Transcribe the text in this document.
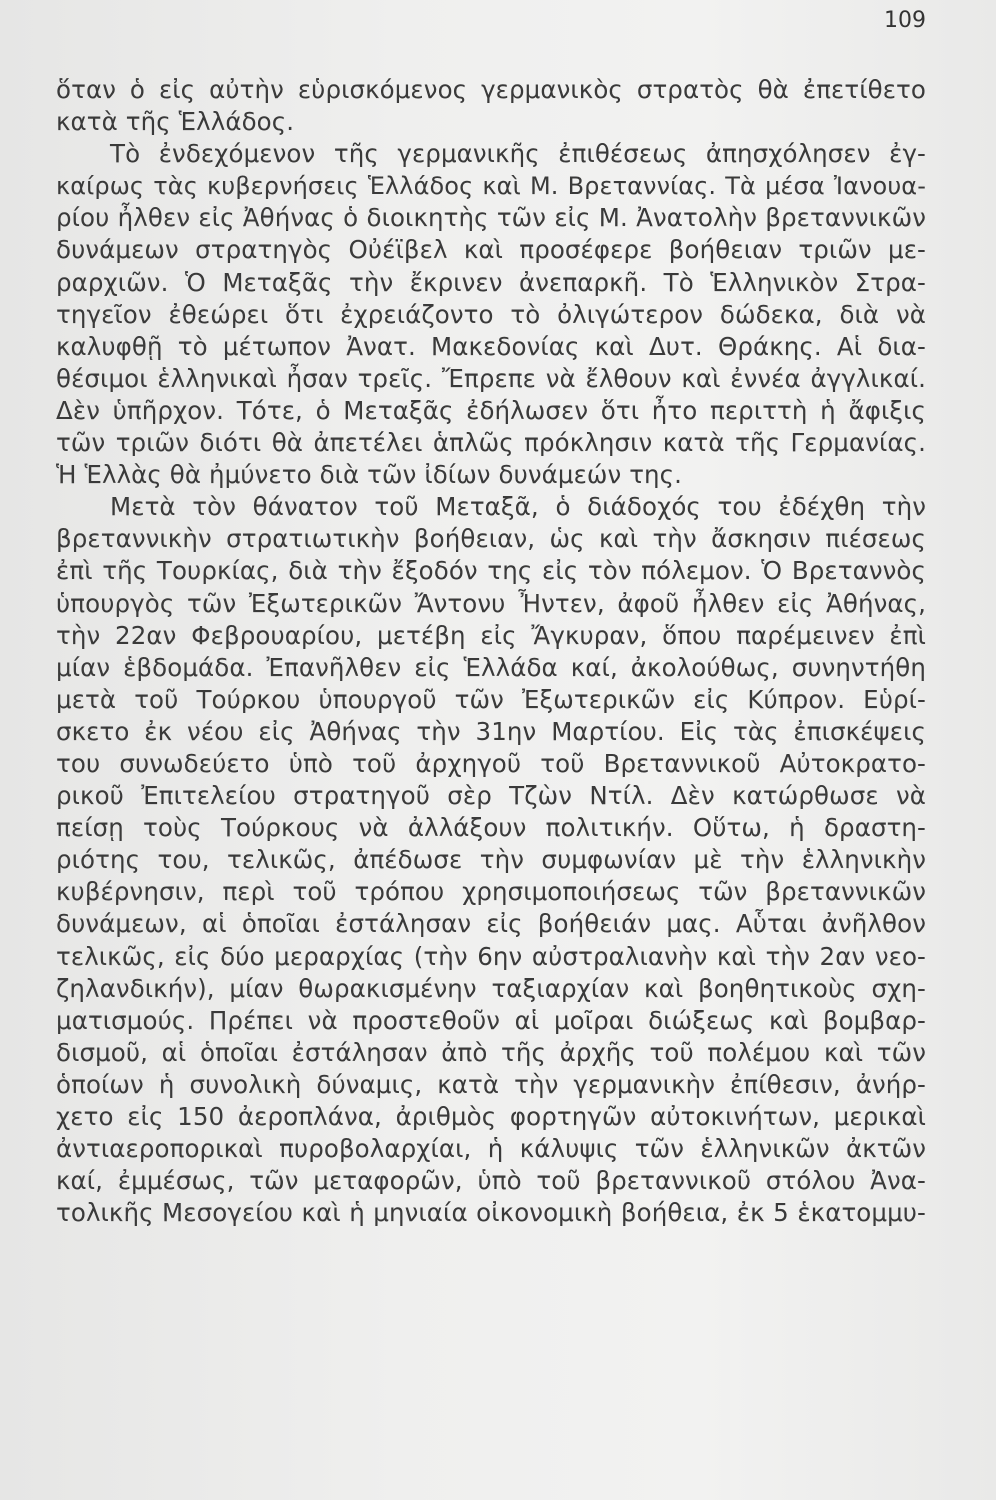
109
ὅταν ὁ εἰς αὐτὴν εὑρισκόμενος γερμανικὸς στρατὸς θὰ ἐπετίθετο
κατὰ τῆς Ἑλλάδος.
Τὸ ἐνδεχόμενον τῆς γερμανικῆς ἐπιθέσεως ἀπησχόλησεν ἐγ-
καίρως τὰς κυβερνήσεις Ἑλλάδος καὶ Μ. Βρεταννίας. Τὰ μέσα Ἰανουα-
ρίου ἦλθεν εἰς Ἀθήνας ὁ διοικητὴς τῶν εἰς Μ. Ἀνατολὴν βρεταννικῶν
δυνάμεων στρατηγὸς Οὐέϊβελ καὶ προσέφερε βοήθειαν τριῶν με-
ραρχιῶν. Ὁ Μεταξᾶς τὴν ἔκρινεν ἀνεπαρκῆ. Τὸ Ἑλληνικὸν Στρα-
τηγεῖον ἐθεώρει ὅτι ἐχρειάζοντο τὸ ὀλιγώτερον δώδεκα, διὰ νὰ
καλυφθῇ τὸ μέτωπον Ἀνατ. Μακεδονίας καὶ Δυτ. Θράκης. Αἱ δια-
θέσιμοι ἑλληνικαὶ ἦσαν τρεῖς. Ἔπρεπε νὰ ἔλθουν καὶ ἐννέα ἀγγλικαί.
Δὲν ὑπῆρχον. Τότε, ὁ Μεταξᾶς ἐδήλωσεν ὅτι ἦτο περιττὴ ἡ ἄφιξις
τῶν τριῶν διότι θὰ ἀπετέλει ἁπλῶς πρόκλησιν κατὰ τῆς Γερμανίας.
Ἡ Ἑλλὰς θὰ ἠμύνετο διὰ τῶν ἰδίων δυνάμεών της.
Μετὰ τὸν θάνατον τοῦ Μεταξᾶ, ὁ διάδοχός του ἐδέχθη τὴν
βρεταννικὴν στρατιωτικὴν βοήθειαν, ὡς καὶ τὴν ἄσκησιν πιέσεως
ἐπὶ τῆς Τουρκίας, διὰ τὴν ἔξοδόν της εἰς τὸν πόλεμον. Ὁ Βρεταννὸς
ὑπουργὸς τῶν Ἐξωτερικῶν Ἄντονυ Ἦντεν, ἀφοῦ ἦλθεν εἰς Ἀθήνας,
τὴν 22αν Φεβρουαρίου, μετέβη εἰς Ἄγκυραν, ὅπου παρέμεινεν ἐπὶ
μίαν ἑβδομάδα. Ἐπανῆλθεν εἰς Ἑλλάδα καί, ἀκολούθως, συνηντήθη
μετὰ τοῦ Τούρκου ὑπουργοῦ τῶν Ἐξωτερικῶν εἰς Κύπρον. Εὑρί-
σκετο ἐκ νέου εἰς Ἀθήνας τὴν 31ην Μαρτίου. Εἰς τὰς ἐπισκέψεις
του συνωδεύετο ὑπὸ τοῦ ἀρχηγοῦ τοῦ Βρεταννικοῦ Αὐτοκρατο-
ρικοῦ Ἐπιτελείου στρατηγοῦ σὲρ Τζὼν Ντίλ. Δὲν κατώρθωσε νὰ
πείσῃ τοὺς Τούρκους νὰ ἀλλάξουν πολιτικήν. Οὕτω, ἡ δραστη-
ριότης του, τελικῶς, ἀπέδωσε τὴν συμφωνίαν μὲ τὴν ἑλληνικὴν
κυβέρνησιν, περὶ τοῦ τρόπου χρησιμοποιήσεως τῶν βρεταννικῶν
δυνάμεων, αἱ ὁποῖαι ἐστάλησαν εἰς βοήθειάν μας. Αὗται ἀνῆλθον
τελικῶς, εἰς δύο μεραρχίας (τὴν 6ην αὐστραλιανὴν καὶ τὴν 2αν νεο-
ζηλανδικήν), μίαν θωρακισμένην ταξιαρχίαν καὶ βοηθητικοὺς σχη-
ματισμούς. Πρέπει νὰ προστεθοῦν αἱ μοῖραι διώξεως καὶ βομβαρ-
δισμοῦ, αἱ ὁποῖαι ἐστάλησαν ἀπὸ τῆς ἀρχῆς τοῦ πολέμου καὶ τῶν
ὁποίων ἡ συνολικὴ δύναμις, κατὰ τὴν γερμανικὴν ἐπίθεσιν, ἀνήρ-
χετο εἰς 150 ἀεροπλάνα, ἀριθμὸς φορτηγῶν αὐτοκινήτων, μερικαὶ
ἀντιαεροπορικαὶ πυροβολαρχίαι, ἡ κάλυψις τῶν ἑλληνικῶν ἀκτῶν
καί, ἐμμέσως, τῶν μεταφορῶν, ὑπὸ τοῦ βρεταννικοῦ στόλου Ἀνα-
τολικῆς Μεσογείου καὶ ἡ μηνιαία οἰκονομικὴ βοήθεια, ἐκ 5 ἑκατομμυ-
